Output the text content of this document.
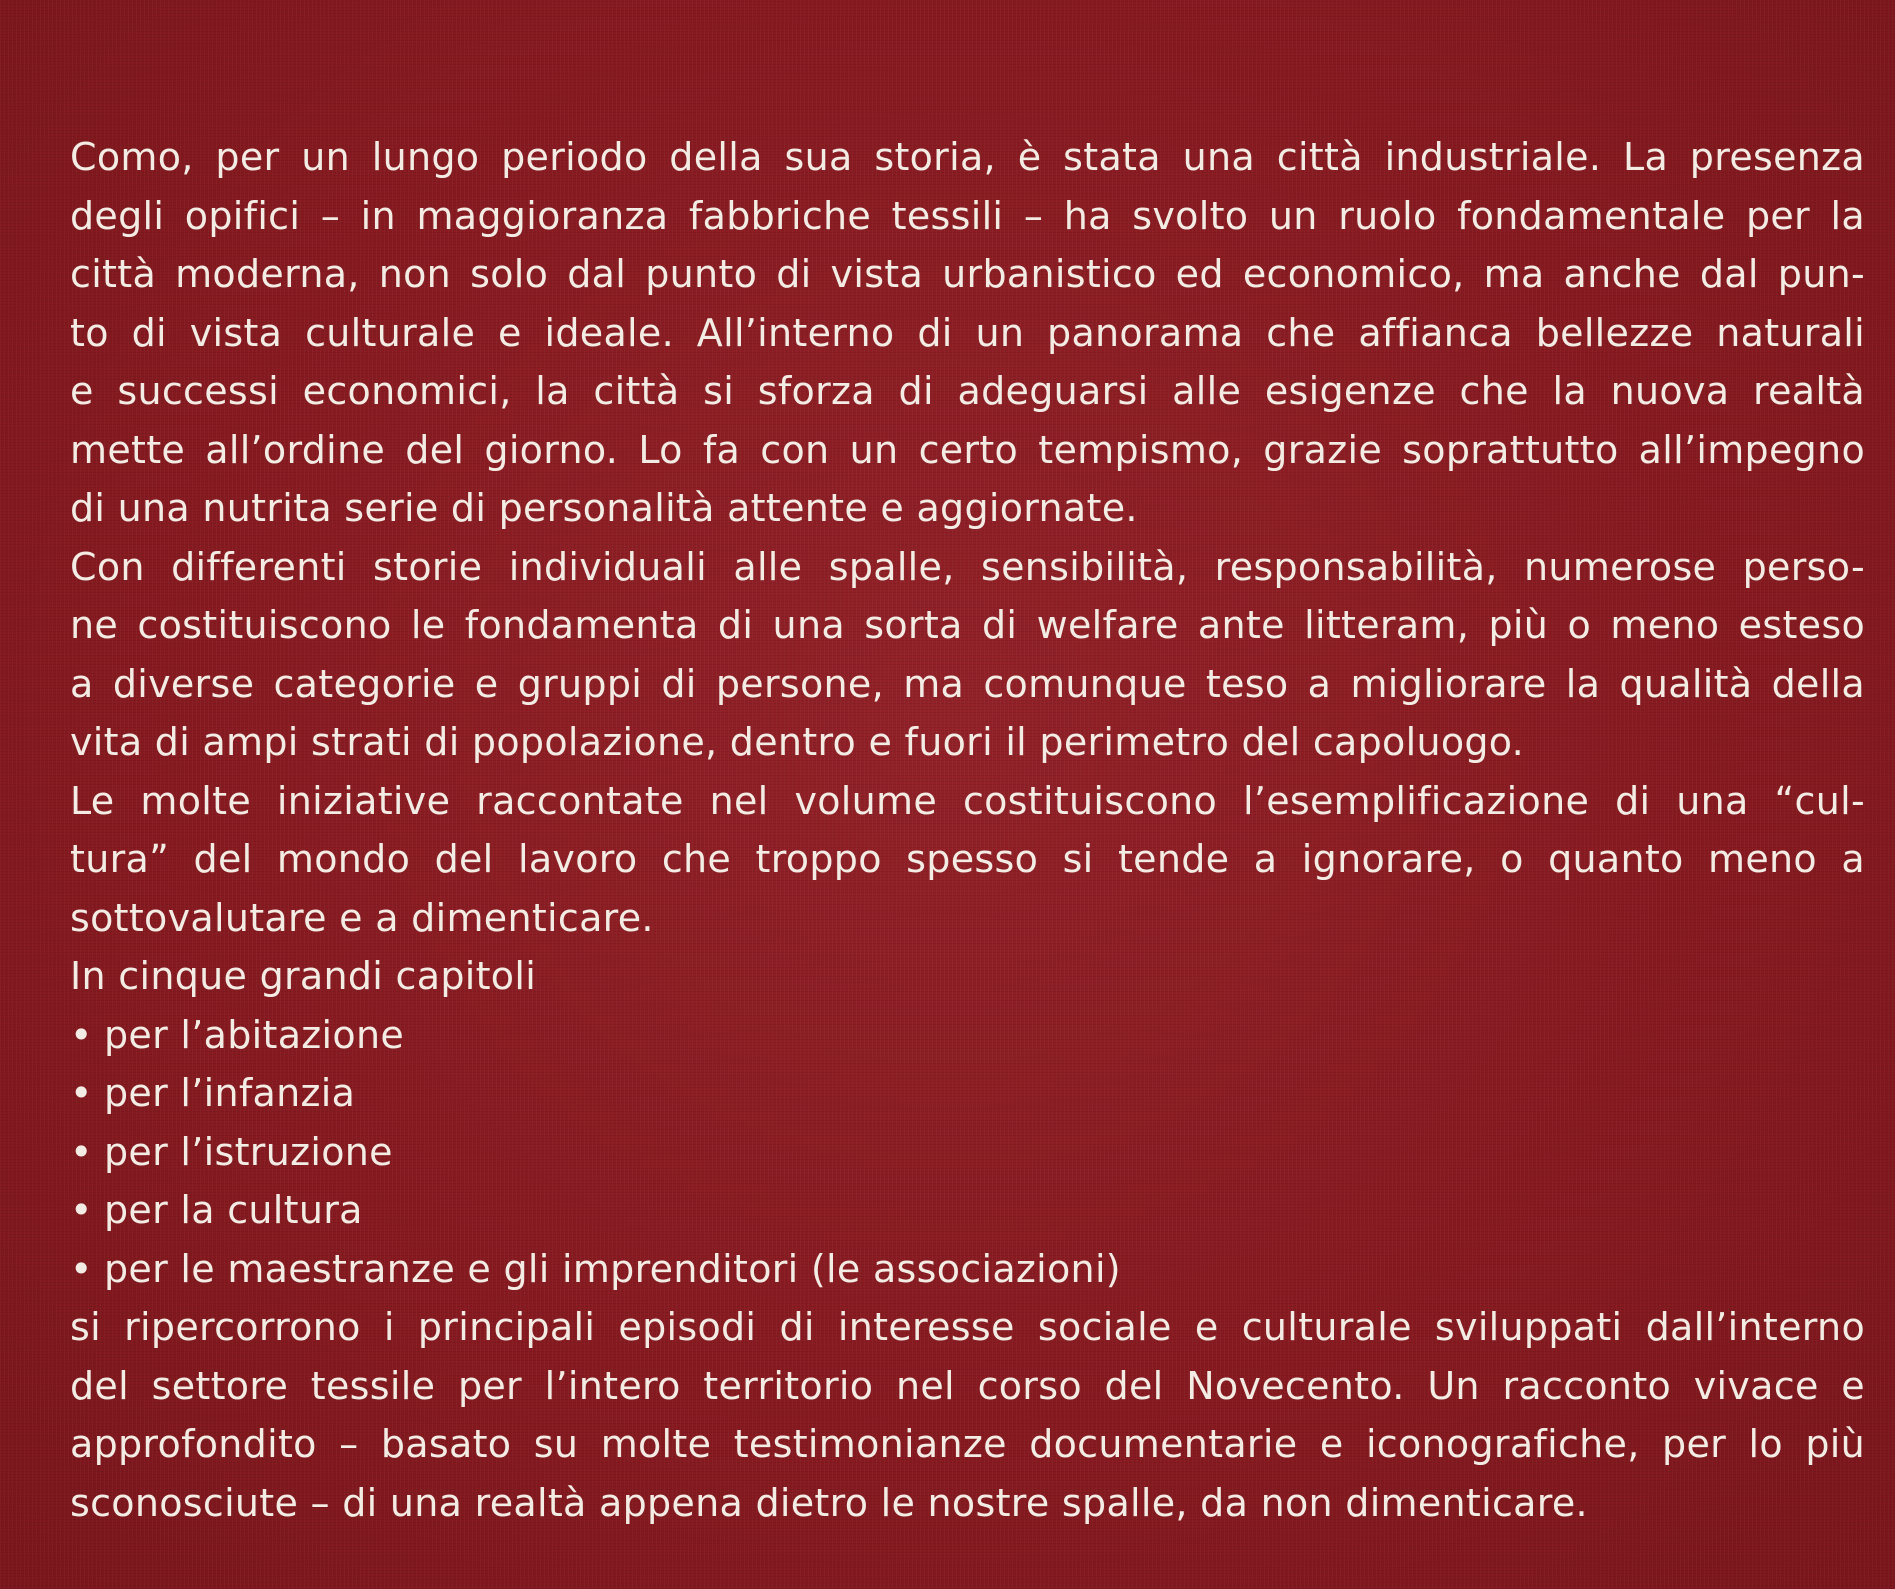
Como, per un lungo periodo della sua storia, è stata una città industriale. La presenza
degli opifici – in maggioranza fabbriche tessili – ha svolto un ruolo fondamentale per la
città moderna, non solo dal punto di vista urbanistico ed economico, ma anche dal pun-
to di vista culturale e ideale. All’interno di un panorama che affianca bellezze naturali
e successi economici, la città si sforza di adeguarsi alle esigenze che la nuova realtà
mette all’ordine del giorno. Lo fa con un certo tempismo, grazie soprattutto all’impegno
di una nutrita serie di personalità attente e aggiornate.

Con differenti storie individuali alle spalle, sensibilità, responsabilità, numerose perso-
ne costituiscono le fondamenta di una sorta di welfare ante litteram, più o meno esteso
a diverse categorie e gruppi di persone, ma comunque teso a migliorare la qualità della
vita di ampi strati di popolazione, dentro e fuori il perimetro del capoluogo.

Le molte iniziative raccontate nel volume costituiscono l’esemplificazione di una “cul-
tura” del mondo del lavoro che troppo spesso si tende a ignorare, o quanto meno a
sottovalutare e a dimenticare.

In cinque grandi capitoli

• per l’abitazione
• per l’infanzia
• per l’istruzione
• per la cultura
• per le maestranze e gli imprenditori (le associazioni)

si ripercorrono i principali episodi di interesse sociale e culturale sviluppati dall’interno
del settore tessile per l’intero territorio nel corso del Novecento. Un racconto vivace e
approfondito – basato su molte testimonianze documentarie e iconografiche, per lo più
sconosciute – di una realtà appena dietro le nostre spalle, da non dimenticare.
